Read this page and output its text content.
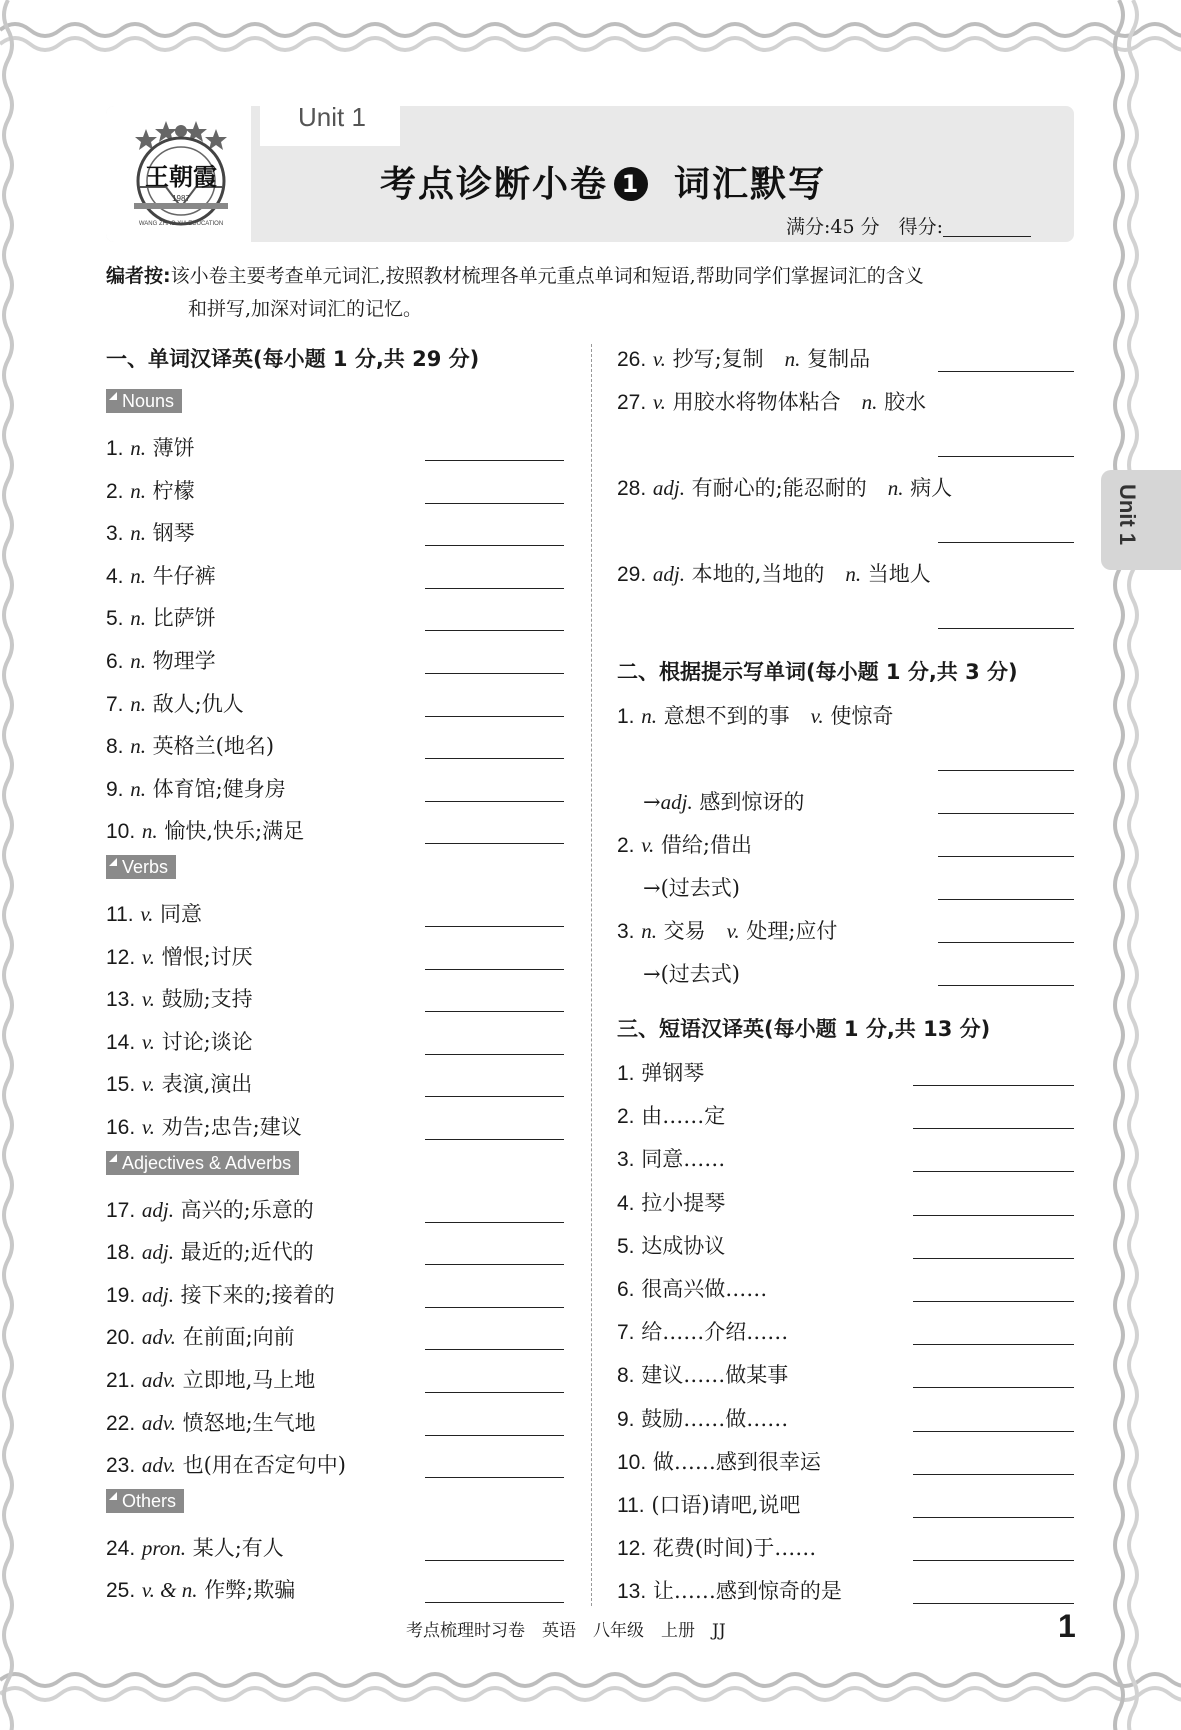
王朝霞
1987
WANG ZHAO XIA EDUCATION
Unit 1
考点诊断小卷 1 词汇默写
满分:45 分　得分:
编者按:该小卷主要考查单元词汇,按照教材梳理各单元重点单词和短语,帮助同学们掌握词汇的含义
和拼写,加深对词汇的记忆。
Unit 1
一、单词汉译英(每小题 1 分,共 29 分)
考点梳理时习卷　英语　八年级　上册　JJ	1
Nouns
1. n. 薄饼
2. n. 柠檬
3. n. 钢琴
4. n. 牛仔裤
5. n. 比萨饼
6. n. 物理学
7. n. 敌人;仇人
8. n. 英格兰(地名)
9. n. 体育馆;健身房
10. n. 愉快,快乐;满足
Verbs
11. v. 同意
12. v. 憎恨;讨厌
13. v. 鼓励;支持
14. v. 讨论;谈论
15. v. 表演,演出
16. v. 劝告;忠告;建议
Adjectives & Adverbs
17. adj. 高兴的;乐意的
18. adj. 最近的;近代的
19. adj. 接下来的;接着的
20. adv. 在前面;向前
21. adv. 立即地,马上地
22. adv. 愤怒地;生气地
23. adv. 也(用在否定句中)
Others
24. pron. 某人;有人
25. v. & n. 作弊;欺骗
26. v. 抄写;复制  n. 复制品
27. v. 用胶水将物体粘合  n. 胶水
28. adj. 有耐心的;能忍耐的  n. 病人
29. adj. 本地的,当地的  n. 当地人
二、根据提示写单词(每小题 1 分,共 3 分)
1. n. 意想不到的事  v. 使惊奇
→adj. 感到惊讶的
2. v. 借给;借出
→(过去式)
3. n. 交易  v. 处理;应付
→(过去式)
三、短语汉译英(每小题 1 分,共 13 分)
1. 弹钢琴
2. 由……定
3. 同意……
4. 拉小提琴
5. 达成协议
6. 很高兴做……
7. 给……介绍……
8. 建议……做某事
9. 鼓励……做……
10. 做……感到很幸运
11. (口语)请吧,说吧
12. 花费(时间)于……
13. 让……感到惊奇的是
